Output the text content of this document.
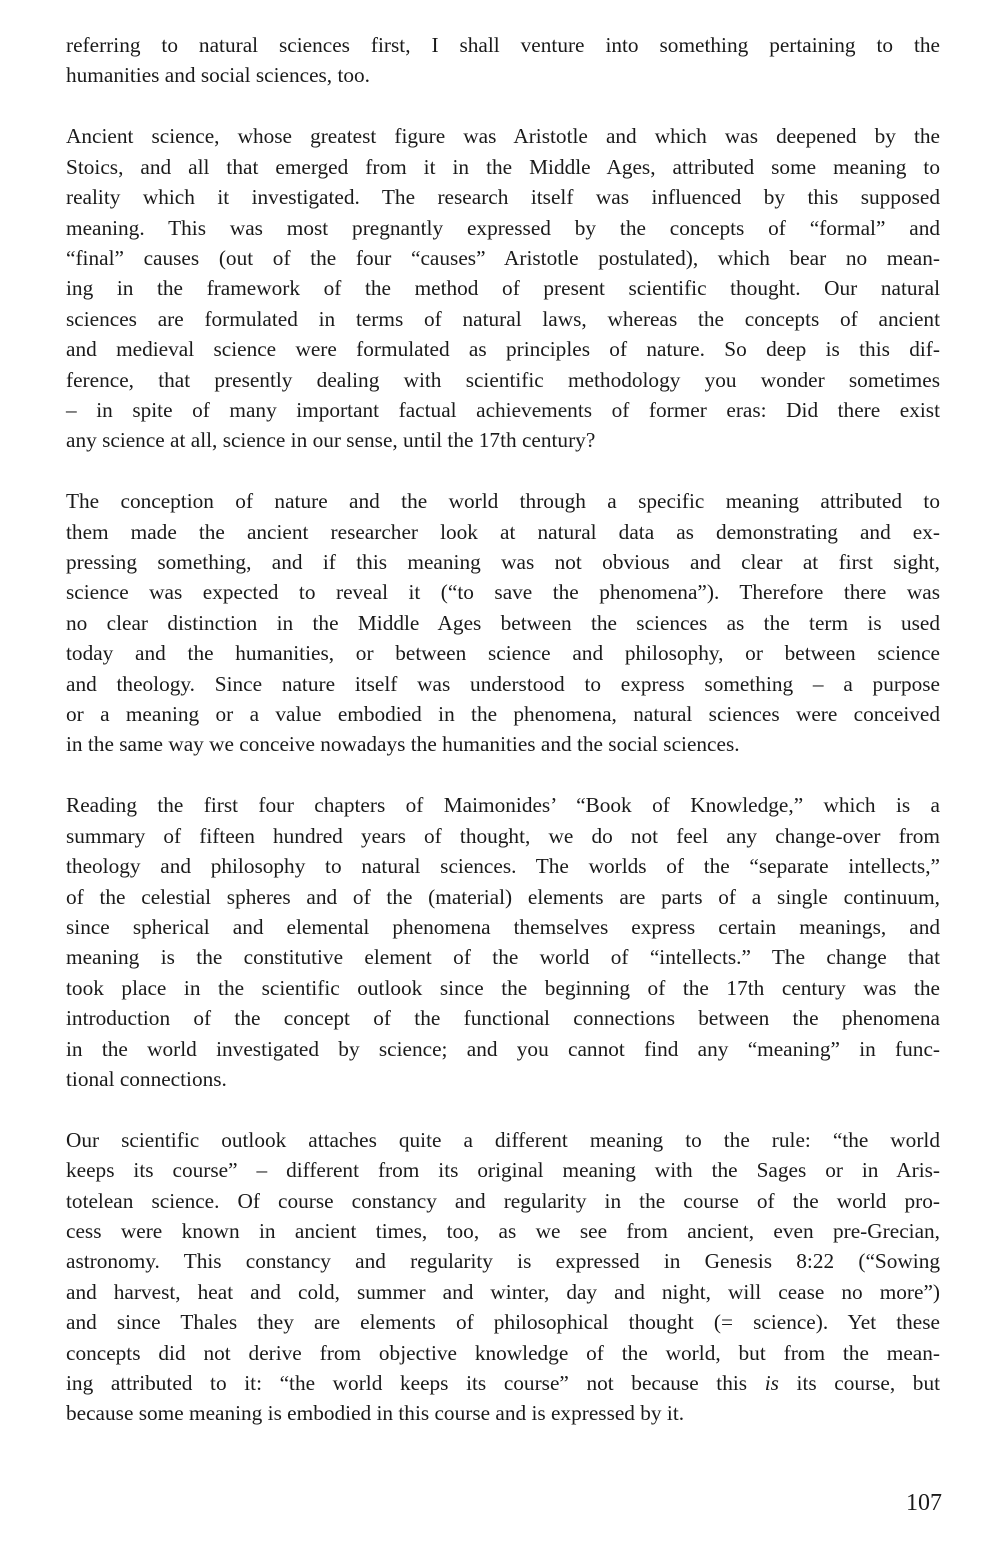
referring to natural sciences first, I shall venture into something pertaining to the
humanities and social sciences, too.
Ancient science, whose greatest figure was Aristotle and which was deepened by the
Stoics, and all that emerged from it in the Middle Ages, attributed some meaning to
reality which it investigated. The research itself was influenced by this supposed
meaning. This was most pregnantly expressed by the concepts of “formal” and
“final” causes (out of the four “causes” Aristotle postulated), which bear no mean-
ing in the framework of the method of present scientific thought. Our natural
sciences are formulated in terms of natural laws, whereas the concepts of ancient
and medieval science were formulated as principles of nature. So deep is this dif-
ference, that presently dealing with scientific methodology you wonder sometimes
– in spite of many important factual achievements of former eras: Did there exist
any science at all, science in our sense, until the 17th century?
The conception of nature and the world through a specific meaning attributed to
them made the ancient researcher look at natural data as demonstrating and ex-
pressing something, and if this meaning was not obvious and clear at first sight,
science was expected to reveal it (“to save the phenomena”). Therefore there was
no clear distinction in the Middle Ages between the sciences as the term is used
today and the humanities, or between science and philosophy, or between science
and theology. Since nature itself was understood to express something – a purpose
or a meaning or a value embodied in the phenomena, natural sciences were conceived
in the same way we conceive nowadays the humanities and the social sciences.
Reading the first four chapters of Maimonides’ “Book of Knowledge,” which is a
summary of fifteen hundred years of thought, we do not feel any change-over from
theology and philosophy to natural sciences. The worlds of the “separate intellects,”
of the celestial spheres and of the (material) elements are parts of a single continuum,
since spherical and elemental phenomena themselves express certain meanings, and
meaning is the constitutive element of the world of “intellects.” The change that
took place in the scientific outlook since the beginning of the 17th century was the
introduction of the concept of the functional connections between the phenomena
in the world investigated by science; and you cannot find any “meaning” in func-
tional connections.
Our scientific outlook attaches quite a different meaning to the rule: “the world
keeps its course” – different from its original meaning with the Sages or in Aris-
totelean science. Of course constancy and regularity in the course of the world pro-
cess were known in ancient times, too, as we see from ancient, even pre-Grecian,
astronomy. This constancy and regularity is expressed in Genesis 8:22 (“Sowing
and harvest, heat and cold, summer and winter, day and night, will cease no more”)
and since Thales they are elements of philosophical thought (= science). Yet these
concepts did not derive from objective knowledge of the world, but from the mean-
ing attributed to it: “the world keeps its course” not because this is its course, but
because some meaning is embodied in this course and is expressed by it.
107
